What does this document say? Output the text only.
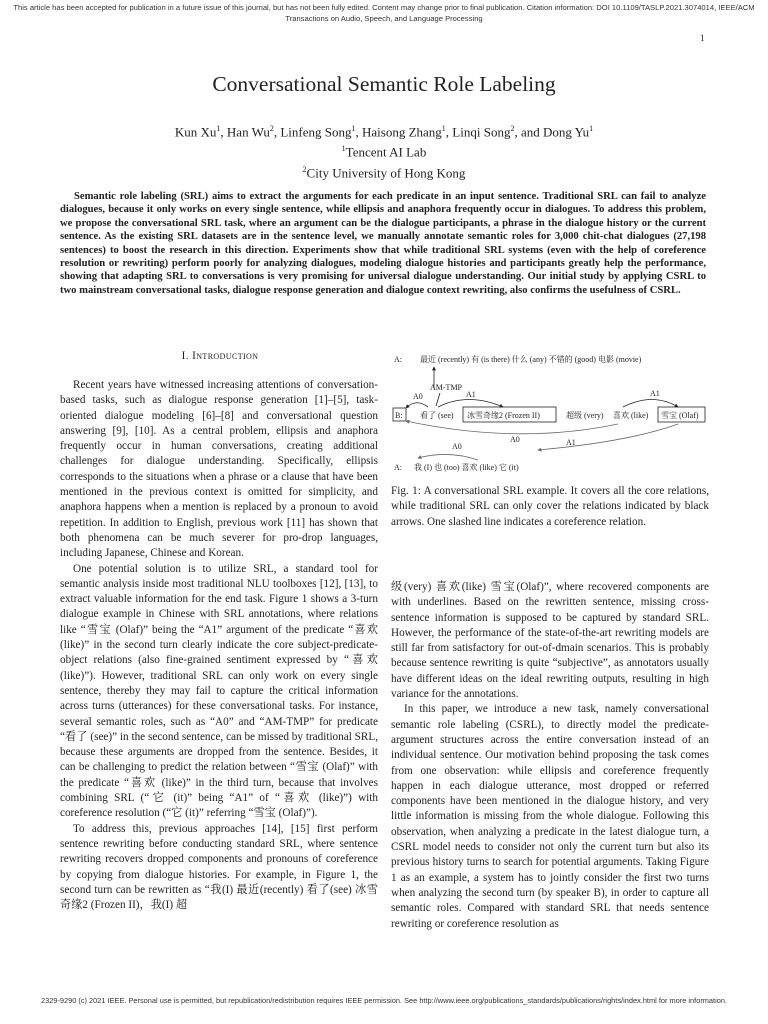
This article has been accepted for publication in a future issue of this journal, but has not been fully edited. Content may change prior to final publication. Citation information: DOI 10.1109/TASLP.2021.3074014, IEEE/ACM
Transactions on Audio, Speech, and Language Processing
1
Conversational Semantic Role Labeling
Kun Xu$^1$, Han Wu$^2$, Linfeng Song$^1$, Haisong Zhang$^1$, Linqi Song$^2$, and Dong Yu$^1$
$^1$Tencent AI Lab
$^2$City University of Hong Kong
Semantic role labeling (SRL) aims to extract the arguments for each predicate in an input sentence. Traditional SRL can fail to analyze dialogues, because it only works on every single sentence, while ellipsis and anaphora frequently occur in dialogues. To address this problem, we propose the conversational SRL task, where an argument can be the dialogue participants, a phrase in the dialogue history or the current sentence. As the existing SRL datasets are in the sentence level, we manually annotate semantic roles for 3,000 chit-chat dialogues (27,198 sentences) to boost the research in this direction. Experiments show that while traditional SRL systems (even with the help of coreference resolution or rewriting) perform poorly for analyzing dialogues, modeling dialogue histories and participants greatly help the performance, showing that adapting SRL to conversations is very promising for universal dialogue understanding. Our initial study by applying CSRL to two mainstream conversational tasks, dialogue response generation and dialogue context rewriting, also confirms the usefulness of CSRL.
I. Introduction

Recent years have witnessed increasing attentions of conversation-based tasks, such as dialogue response generation [1]–[5], task-oriented dialogue modeling [6]–[8] and conversational question answering [9], [10]. As a central problem, ellipsis and anaphora frequently occur in human conversations, creating additional challenges for dialogue understanding. Specifically, ellipsis corresponds to the situations when a phrase or a clause that have been mentioned in the previous context is omitted for simplicity, and anaphora happens when a mention is replaced by a pronoun to avoid repetition. In addition to English, previous work [11] has shown that both phenomena can be much severer for pro-drop languages, including Japanese, Chinese and Korean.

One potential solution is to utilize SRL, a standard tool for semantic analysis inside most traditional NLU toolboxes [12], [13], to extract valuable information for the end task. Figure 1 shows a 3-turn dialogue example in Chinese with SRL annotations, where relations like “雪宝 (Olaf)” being the “A1” argument of the predicate “喜欢 (like)” in the second turn clearly indicate the core subject-predicate-object relations (also fine-grained sentiment expressed by “喜欢 (like)”). However, traditional SRL can only work on every single sentence, thereby they may fail to capture the critical information across turns (utterances) for these conversational tasks. For instance, several semantic roles, such as “A0” and “AM-TMP” for predicate “看了 (see)” in the second sentence, can be missed by traditional SRL, because these arguments are dropped from the sentence. Besides, it can be challenging to predict the relation between “雪宝 (Olaf)” with the predicate “喜欢 (like)” in the third turn, because that involves combining SRL (“它 (it)” being “A1” of “喜欢 (like)”) with coreference resolution (“它 (it)” referring “雪宝 (Olaf)”).

To address this, previous approaches [14], [15] first perform sentence rewriting before conducting standard SRL, where sentence rewriting recovers dropped components and pronouns of coreference by copying from dialogue histories. For example, in Figure 1, the second turn can be rewritten as “我(I) 最近(recently) 看了(see) 冰雪奇缘2 (Frozen II)，我(I) 超

A: 最近 (recently) 有 (is there) 什么 (any) 不错的 (good) 电影 (movie)
AM-TMP
B: 看了 (see) 冰雪奇缘2 (Frozen II)	超级 (very) 喜欢 (like) 雪宝 (Olaf)
A0	A1	A1
A0	A1
A0
A: 我 (I) 也 (too) 喜欢 (like) 它 (it)
Fig. 1: A conversational SRL example. It covers all the core relations, while traditional SRL can only cover the relations indicated by black arrows. One slashed line indicates a coreference relation.

级(very) 喜欢(like) 雪宝(Olaf)”, where recovered components are with underlines. Based on the rewritten sentence, missing cross-sentence information is supposed to be captured by standard SRL. However, the performance of the state-of-the-art rewriting models are still far from satisfactory for out-of-dmain scenarios. This is probably because sentence rewriting is quite “subjective”, as annotators usually have different ideas on the ideal rewriting outputs, resulting in high variance for the annotations.

In this paper, we introduce a new task, namely conversational semantic role labeling (CSRL), to directly model the predicate-argument structures across the entire conversation instead of an individual sentence. Our motivation behind proposing the task comes from one observation: while ellipsis and coreference frequently happen in each dialogue utterance, most dropped or referred components have been mentioned in the dialogue history, and very little information is missing from the whole dialogue. Following this observation, when analyzing a predicate in the latest dialogue turn, a CSRL model needs to consider not only the current turn but also its previous history turns to search for potential arguments. Taking Figure 1 as an example, a system has to jointly consider the first two turns when analyzing the second turn (by speaker B), in order to capture all semantic roles. Compared with standard SRL that needs sentence rewriting or coreference resolution as

2329-9290 (c) 2021 IEEE. Personal use is permitted, but republication/redistribution requires IEEE permission. See http://www.ieee.org/publications_standards/publications/rights/index.html for more information.
